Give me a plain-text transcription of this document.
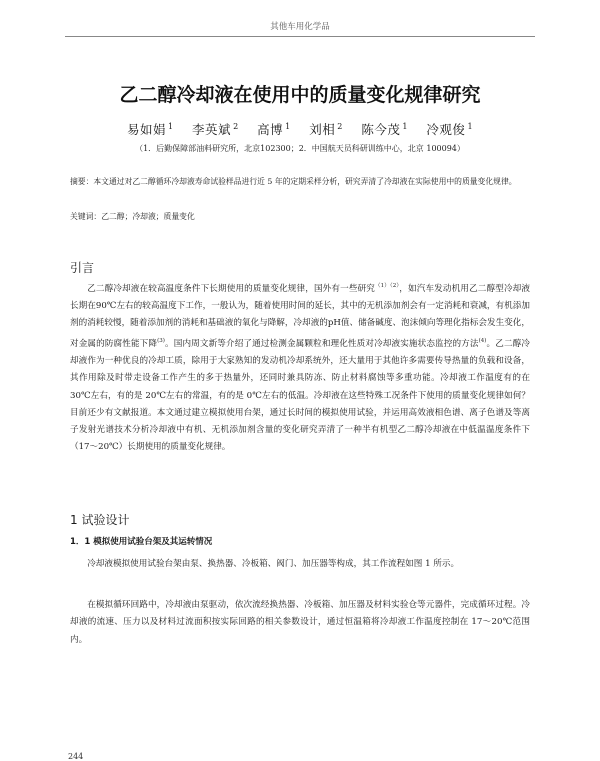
其他车用化学品
乙二醇冷却液在使用中的质量变化规律研究
易如娟 $^1$ 李英斌 $^2$ 高博 $^1$ 刘相 $^2$ 陈今茂 $^1$ 冷观俊 $^1$
（1．后勤保障部油料研究所，北京102300；2．中国航天员科研训练中心，北京 100094）
摘要：本文通过对乙二醇循环冷却液寿命试验样品进行近 5 年的定期采样分析，研究弄清了冷却液在实际使用中的质量变化规律。
关键词：乙二醇；冷却液；质量变化
引言
乙二醇冷却液在较高温度条件下长期使用的质量变化规律，国外有一些研究$^{(1)(2)}$，如汽车发动机用乙二醇型冷却液长期在90℃左右的较高温度下工作，一般认为，随着使用时间的延长，其中的无机添加剂会有一定消耗和衰减，有机添加剂的消耗较慢，随着添加剂的消耗和基础液的氧化与降解，冷却液的pH值、储备碱度、泡沫倾向等理化指标会发生变化，对金属的防腐性能下降$^{(3)}$。国内周文新等介绍了通过检测金属颗粒和理化性质对冷却液实施状态监控的方法$^{(4)}$。乙二醇冷却液作为一种优良的冷却工质，除用于大家熟知的发动机冷却系统外，还大量用于其他许多需要传导热量的负载和设备，其作用除及时带走设备工作产生的多于热量外，还同时兼具防冻、防止材料腐蚀等多重功能。冷却液工作温度有的在 30℃左右，有的是 20℃左右的常温，有的是 0℃左右的低温。冷却液在这些特殊工况条件下使用的质量变化规律如何？目前还少有文献报道。本文通过建立模拟使用台架，通过长时间的模拟使用试验，并运用高效液相色谱、离子色谱及等离子发射光谱技术分析冷却液中有机、无机添加剂含量的变化研究弄清了一种半有机型乙二醇冷却液在中低温温度条件下（17～20℃）长期使用的质量变化规律。
1 试验设计
1．1 模拟使用试验台架及其运转情况
冷却液模拟使用试验台架由泵、换热器、冷板箱、阀门、加压器等构成，其工作流程如图 1 所示。
在模拟循环回路中，冷却液由泵驱动，依次流经换热器、冷板箱、加压器及材料实验仓等元器件，完成循环过程。冷却液的流速、压力以及材料过流面积按实际回路的相关参数设计，通过恒温箱将冷却液工作温度控制在 17～20℃范围内。
244
